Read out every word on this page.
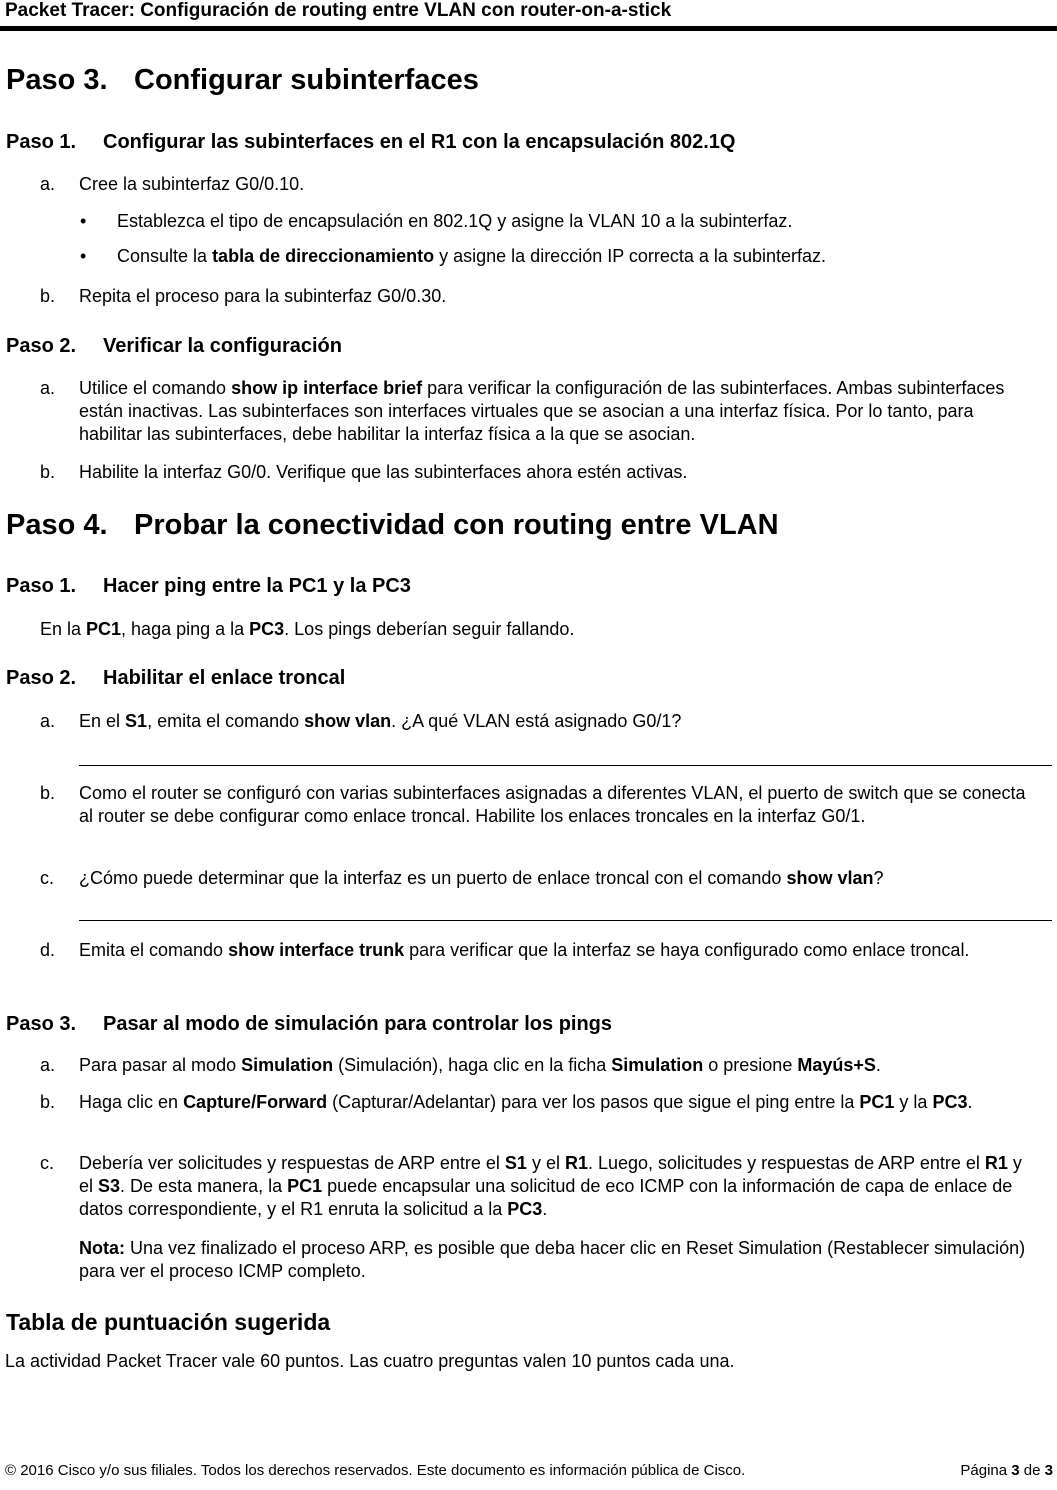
Packet Tracer: Configuración de routing entre VLAN con router-on-a-stick
Paso 3. Configurar subinterfaces
Paso 1. Configurar las subinterfaces en el R1 con la encapsulación 802.1Q
a. Cree la subinterfaz G0/0.10.
• Establezca el tipo de encapsulación en 802.1Q y asigne la VLAN 10 a la subinterfaz.
• Consulte la tabla de direccionamiento y asigne la dirección IP correcta a la subinterfaz.
b. Repita el proceso para la subinterfaz G0/0.30.
Paso 2. Verificar la configuración
a. Utilice el comando show ip interface brief para verificar la configuración de las subinterfaces. Ambas subinterfaces están inactivas. Las subinterfaces son interfaces virtuales que se asocian a una interfaz física. Por lo tanto, para habilitar las subinterfaces, debe habilitar la interfaz física a la que se asocian.
b. Habilite la interfaz G0/0. Verifique que las subinterfaces ahora estén activas.
Paso 4. Probar la conectividad con routing entre VLAN
Paso 1. Hacer ping entre la PC1 y la PC3
En la PC1, haga ping a la PC3. Los pings deberían seguir fallando.
Paso 2. Habilitar el enlace troncal
a. En el S1, emita el comando show vlan. ¿A qué VLAN está asignado G0/1?
b. Como el router se configuró con varias subinterfaces asignadas a diferentes VLAN, el puerto de switch que se conecta al router se debe configurar como enlace troncal. Habilite los enlaces troncales en la interfaz G0/1.
c. ¿Cómo puede determinar que la interfaz es un puerto de enlace troncal con el comando show vlan?
d. Emita el comando show interface trunk para verificar que la interfaz se haya configurado como enlace troncal.
Paso 3. Pasar al modo de simulación para controlar los pings
a. Para pasar al modo Simulation (Simulación), haga clic en la ficha Simulation o presione Mayús+S.
b. Haga clic en Capture/Forward (Capturar/Adelantar) para ver los pasos que sigue el ping entre la PC1 y la PC3.
c. Debería ver solicitudes y respuestas de ARP entre el S1 y el R1. Luego, solicitudes y respuestas de ARP entre el R1 y el S3. De esta manera, la PC1 puede encapsular una solicitud de eco ICMP con la información de capa de enlace de datos correspondiente, y el R1 enruta la solicitud a la PC3.
Nota: Una vez finalizado el proceso ARP, es posible que deba hacer clic en Reset Simulation (Restablecer simulación) para ver el proceso ICMP completo.
Tabla de puntuación sugerida
La actividad Packet Tracer vale 60 puntos. Las cuatro preguntas valen 10 puntos cada una.
© 2016 Cisco y/o sus filiales. Todos los derechos reservados. Este documento es información pública de Cisco.	Página 3 de 3
